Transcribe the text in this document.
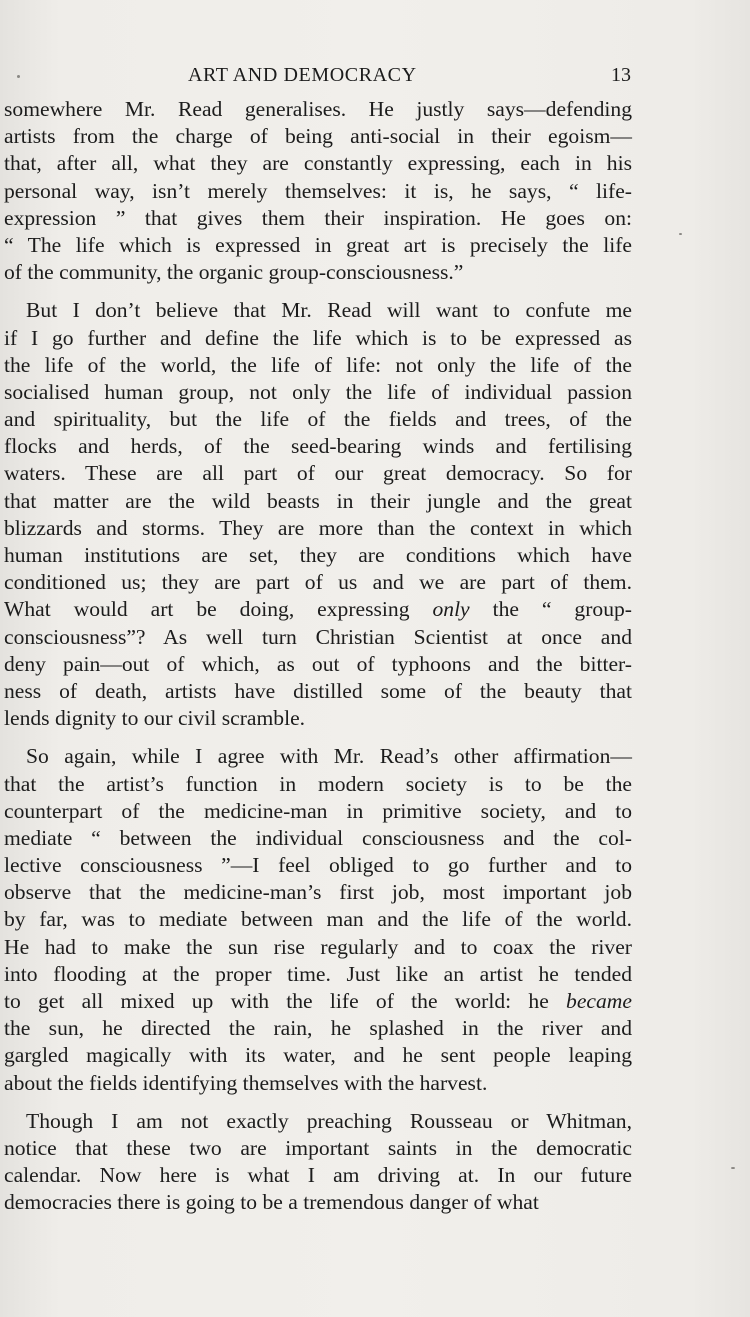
ART AND DEMOCRACY	13
somewhere Mr. Read generalises. He justly says—defending
artists from the charge of being anti-social in their egoism—
that, after all, what they are constantly expressing, each in his
personal way, isn’t merely themselves: it is, he says, “ life-
expression ” that gives them their inspiration. He goes on:
“ The life which is expressed in great art is precisely the life
of the community, the organic group-consciousness.”
But I don’t believe that Mr. Read will want to confute me
if I go further and define the life which is to be expressed as
the life of the world, the life of life: not only the life of the
socialised human group, not only the life of individual passion
and spirituality, but the life of the fields and trees, of the
flocks and herds, of the seed-bearing winds and fertilising
waters. These are all part of our great democracy. So for
that matter are the wild beasts in their jungle and the great
blizzards and storms. They are more than the context in which
human institutions are set, they are conditions which have
conditioned us; they are part of us and we are part of them.
What would art be doing, expressing only the “ group-
consciousness”? As well turn Christian Scientist at once and
deny pain—out of which, as out of typhoons and the bitter-
ness of death, artists have distilled some of the beauty that
lends dignity to our civil scramble.
So again, while I agree with Mr. Read’s other affirmation—
that the artist’s function in modern society is to be the
counterpart of the medicine-man in primitive society, and to
mediate “ between the individual consciousness and the col-
lective consciousness ”—I feel obliged to go further and to
observe that the medicine-man’s first job, most important job
by far, was to mediate between man and the life of the world.
He had to make the sun rise regularly and to coax the river
into flooding at the proper time. Just like an artist he tended
to get all mixed up with the life of the world: he became
the sun, he directed the rain, he splashed in the river and
gargled magically with its water, and he sent people leaping
about the fields identifying themselves with the harvest.
Though I am not exactly preaching Rousseau or Whitman,
notice that these two are important saints in the democratic
calendar. Now here is what I am driving at. In our future
democracies there is going to be a tremendous danger of what
